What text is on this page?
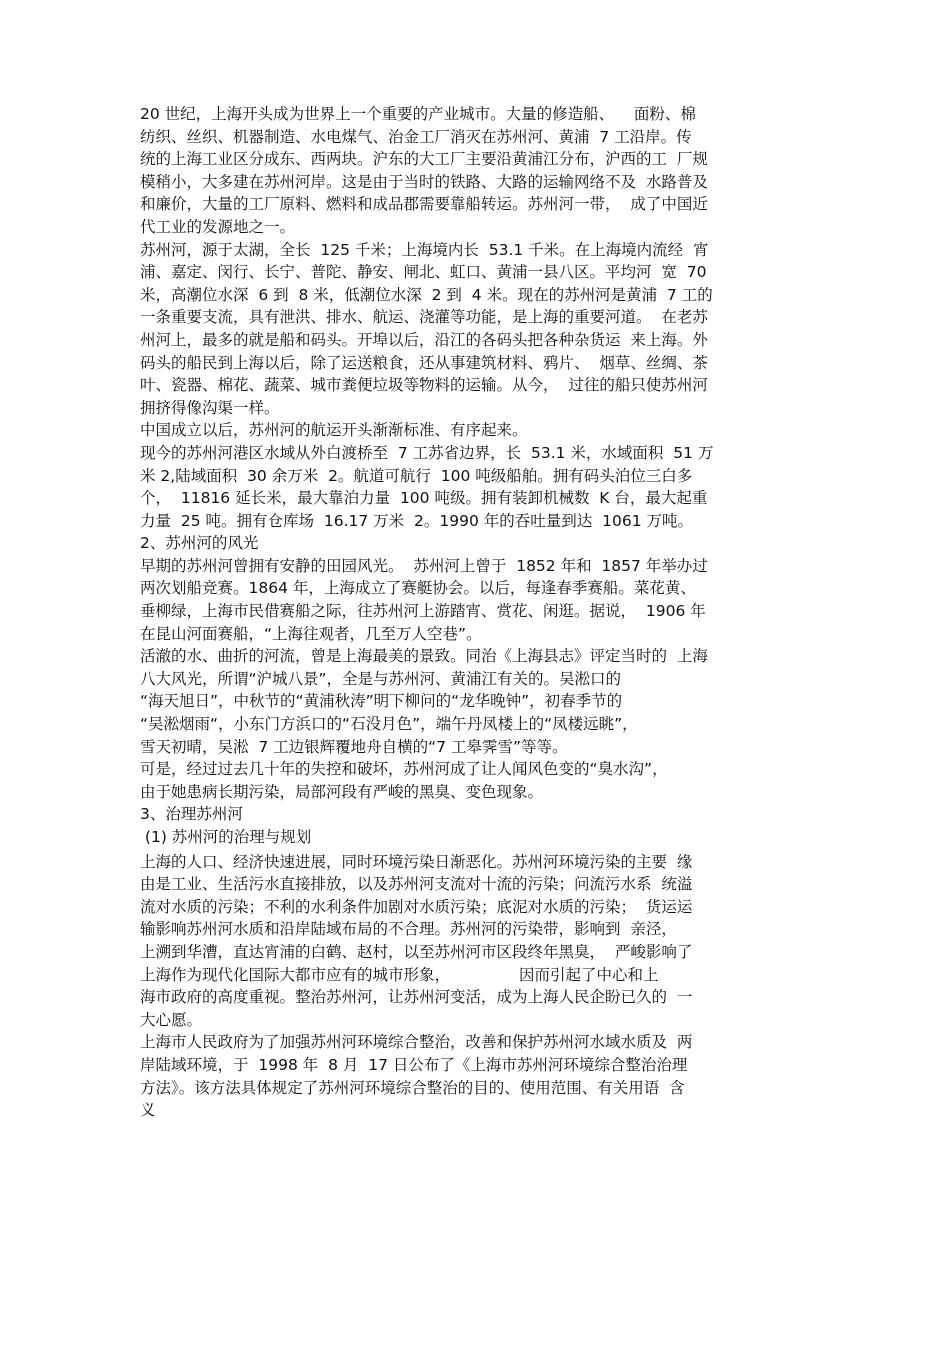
20 世纪，上海开头成为世界上一个重要的产业城市。大量的修造船、    面粉、棉
纺织、丝织、机器制造、水电煤气、治金工厂消灭在苏州河、黄浦  7 工沿岸。传
统的上海工业区分成东、西两块。沪东的大工厂主要沿黄浦江分布，沪西的工  厂规
模稍小，大多建在苏州河岸。这是由于当时的铁路、大路的运输网络不及  水路普及
和廉价，大量的工厂原料、燃料和成品郡需要靠船转运。苏州河一带，  成了中国近
代工业的发源地之一。
苏州河，源于太湖，全长  125 千米；上海境内长  53.1 千米。在上海境内流经  宵
浦、嘉定、闵行、长宁、普陀、静安、闸北、虹口、黄浦一县八区。平均河  宽  70
米，高潮位水深  6 到  8 米，低潮位水深  2 到  4 米。现在的苏州河是黄浦  7 工的
一条重要支流，具有泄洪、排水、航运、浇灌等功能，是上海的重要河道。  在老苏
州河上，最多的就是船和码头。开埠以后，沿江的各码头把各种杂货运  来上海。外
码头的船民到上海以后，除了运送粮食，还从事建筑材料、鸦片、  烟草、丝绸、茶
叶、瓷器、棉花、蔬菜、城市粪便垃圾等物料的运输。从今，  过往的船只使苏州河
拥挤得像沟渠一样。
中国成立以后，苏州河的航运开头渐渐标准、有序起来。
现今的苏州河港区水域从外白渡桥至  7 工苏省边界，长  53.1 米，水域面积  51 万
米 2,陆域面积  30 余万米  2。航道可航行  100 吨级船舶。拥有码头泊位三白多
个，  11816 延长米，最大靠泊力量  100 吨级。拥有装卸机械数  K 台，最大起重
力量  25 吨。拥有仓库场  16.17 万米  2。1990 年的吞吐量到达  1061 万吨。
2、苏州河的风光
早期的苏州河曾拥有安静的田园风光。  苏州河上曾于  1852 年和  1857 年举办过
两次划船竞赛。1864 年，上海成立了赛艇协会。以后，每逢春季赛船。菜花黄、
垂柳绿，上海市民借赛船之际，往苏州河上游踏宵、赏花、闲逛。据说，  1906 年
在昆山河面赛船，“上海往观者，几至万人空巷”。
活澈的水、曲折的河流，曾是上海最美的景致。同治《上海县志》评定当时的  上海
八大风光，所谓“沪城八景”，全是与苏州河、黄浦江有关的。吴淞口的
“海天旭日”，中秋节的“黄浦秋涛”明下柳问的“龙华晚钟”，初春季节的
“吴淞烟雨“，小东门方浜口的“石没月色”，端午丹凤楼上的“凤楼远眺”，
雪天初晴，吴淞  7 工边银辉覆地舟自横的“7 工皋霁雪”等等。
可是，经过过去几十年的失控和破坏，苏州河成了让人闻风色变的“臭水沟”，
由于她患病长期污染，局部河段有严峻的黑臭、变色现象。
3、治理苏州河
(1) 苏州河的治理与规划
上海的人口、经济快速进展，同时环境污染日渐恶化。苏州河环境污染的主要  缘
由是工业、生活污水直接排放，以及苏州河支流对十流的污染；问流污水系  统溢
流对水质的污染；不利的水利条件加剧对水质污染；底泥对水质的污染；  货运运
输影响苏州河水质和沿岸陆域布局的不合理。苏州河的污染带，影响到  亲泾，
上溯到华漕，直达宵浦的白鹤、赵村，以至苏州河市区段终年黑臭，  严峻影响了
上海作为现代化国际大都市应有的城市形象，              因而引起了中心和上
海市政府的高度重视。整治苏州河，让苏州河变活，成为上海人民企盼已久的  一
大心愿。
上海市人民政府为了加强苏州河环境综合整治，改善和保护苏州河水域水质及  两
岸陆域环境，于  1998 年  8 月  17 日公布了《上海市苏州河环境综合整治治理
方法》。该方法具体规定了苏州河环境综合整治的目的、使用范围、有关用语  含
义
